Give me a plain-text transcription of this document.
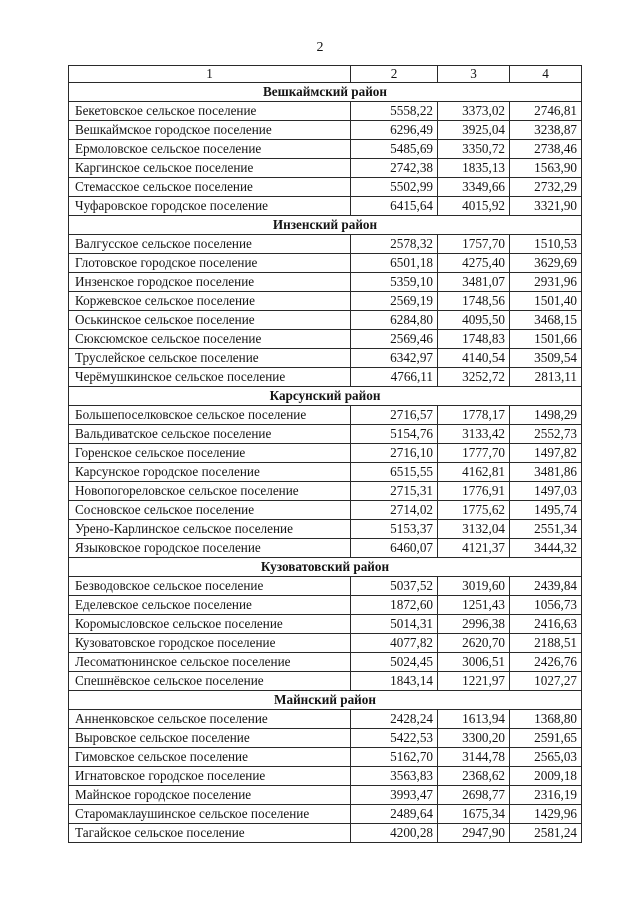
2
1	2	3	4
Вешкаймский район			
Бекетовское сельское поселение	5558,22	3373,02	2746,81
Вешкаймское городское поселение	6296,49	3925,04	3238,87
Ермоловское сельское поселение	5485,69	3350,72	2738,46
Каргинское сельское поселение	2742,38	1835,13	1563,90
Стемасское сельское поселение	5502,99	3349,66	2732,29
Чуфаровское городское поселение	6415,64	4015,92	3321,90
Инзенский район			
Валгусское сельское поселение	2578,32	1757,70	1510,53
Глотовское городское поселение	6501,18	4275,40	3629,69
Инзенское городское поселение	5359,10	3481,07	2931,96
Коржевское сельское поселение	2569,19	1748,56	1501,40
Оськинское сельское поселение	6284,80	4095,50	3468,15
Сюксюмское сельское поселение	2569,46	1748,83	1501,66
Труслейское сельское поселение	6342,97	4140,54	3509,54
Черёмушкинское сельское поселение	4766,11	3252,72	2813,11
Карсунский район			
Большепоселковское сельское поселение	2716,57	1778,17	1498,29
Вальдиватское сельское поселение	5154,76	3133,42	2552,73
Горенское сельское поселение	2716,10	1777,70	1497,82
Карсунское городское поселение	6515,55	4162,81	3481,86
Новопогореловское сельское поселение	2715,31	1776,91	1497,03
Сосновское сельское поселение	2714,02	1775,62	1495,74
Урено-Карлинское сельское поселение	5153,37	3132,04	2551,34
Языковское городское поселение	6460,07	4121,37	3444,32
Кузоватовский район			
Безводовское сельское поселение	5037,52	3019,60	2439,84
Еделевское сельское поселение	1872,60	1251,43	1056,73
Коромысловское сельское поселение	5014,31	2996,38	2416,63
Кузоватовское городское поселение	4077,82	2620,70	2188,51
Лесоматюнинское сельское поселение	5024,45	3006,51	2426,76
Спешнёвское сельское поселение	1843,14	1221,97	1027,27
Майнский район			
Анненковское сельское поселение	2428,24	1613,94	1368,80
Выровское сельское поселение	5422,53	3300,20	2591,65
Гимовское сельское поселение	5162,70	3144,78	2565,03
Игнатовское городское поселение	3563,83	2368,62	2009,18
Майнское городское поселение	3993,47	2698,77	2316,19
Старомаклаушинское сельское поселение	2489,64	1675,34	1429,96
Тагайское сельское поселение	4200,28	2947,90	2581,24
